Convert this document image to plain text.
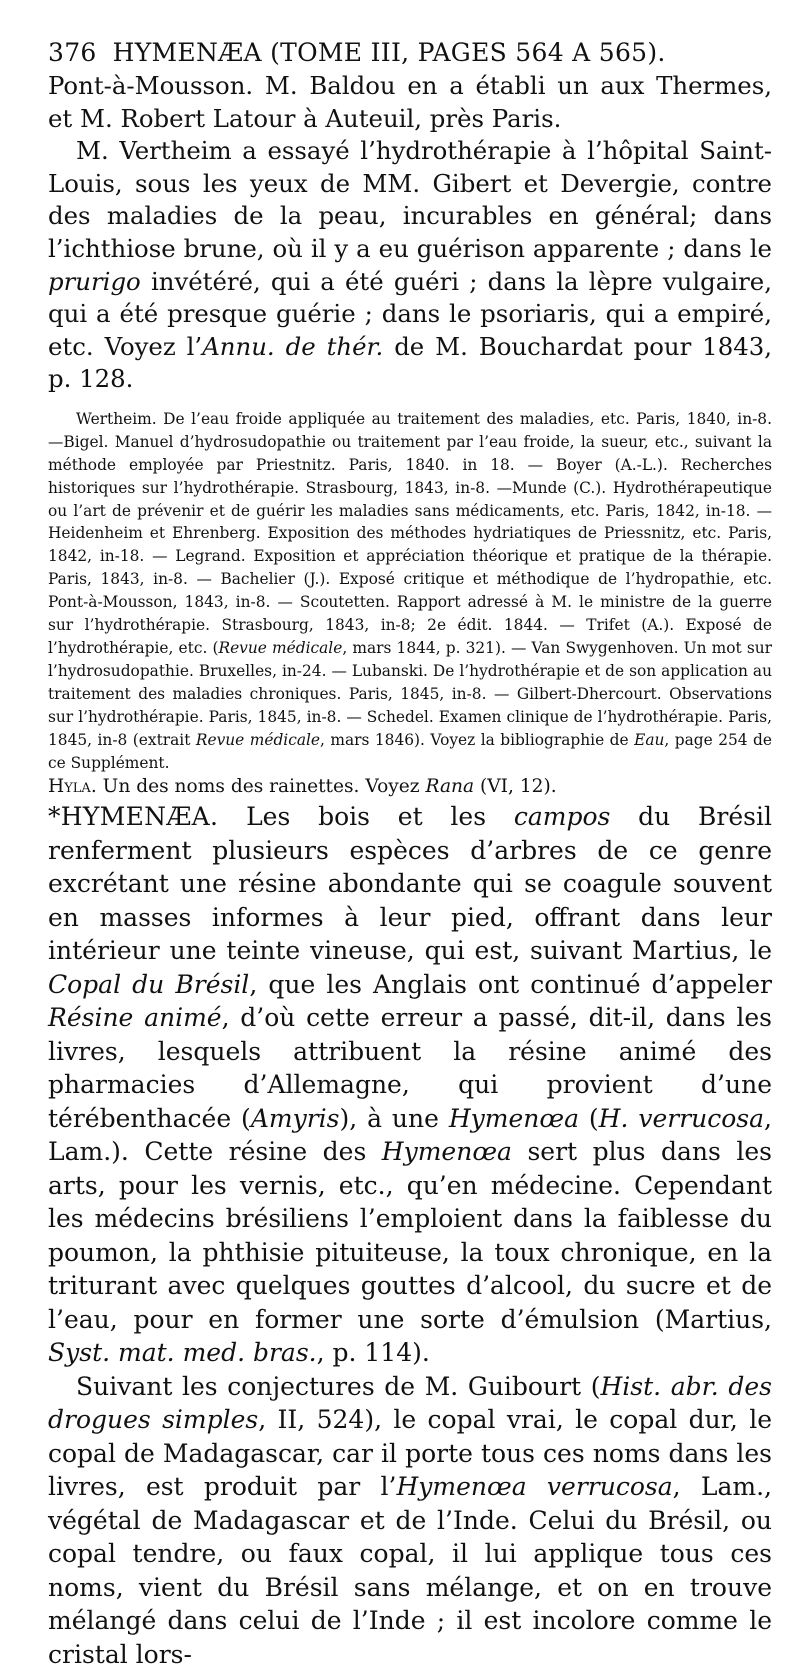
376 HYMENÆA (TOME III, PAGES 564 A 565).

Pont-à-Mousson. M. Baldou en a établi un aux Thermes, et M. Robert Latour à Auteuil, près Paris.

M. Vertheim a essayé l’hydrothérapie à l’hôpital Saint-Louis, sous les yeux de MM. Gibert et Devergie, contre des maladies de la peau, incurables en général; dans l’ichthiose brune, où il y a eu guérison apparente ; dans le prurigo invétéré, qui a été guéri ; dans la lèpre vulgaire, qui a été presque guérie ; dans le psoriaris, qui a empiré, etc. Voyez l’Annu. de thér. de M. Bouchardat pour 1843, p. 128.

Wertheim. De l’eau froide appliquée au traitement des maladies, etc. Paris, 1840, in-8. —Bigel. Manuel d’hydrosudopathie ou traitement par l’eau froide, la sueur, etc., suivant la méthode employée par Priestnitz. Paris, 1840. in 18. — Boyer (A.-L.). Recherches historiques sur l’hydrothérapie. Strasbourg, 1843, in-8. —Munde (C.). Hydrothérapeutique ou l’art de prévenir et de guérir les maladies sans médicaments, etc. Paris, 1842, in-18. — Heidenheim et Ehrenberg. Exposition des méthodes hydriatiques de Priessnitz, etc. Paris, 1842, in-18. — Legrand. Exposition et appréciation théorique et pratique de la thérapie. Paris, 1843, in-8. — Bachelier (J.). Exposé critique et méthodique de l’hydropathie, etc. Pont-à-Mousson, 1843, in-8. — Scoutetten. Rapport adressé à M. le ministre de la guerre sur l’hydrothérapie. Strasbourg, 1843, in-8; 2e édit. 1844. — Trifet (A.). Exposé de l’hydrothérapie, etc. (Revue médicale, mars 1844, p. 321). — Van Swygenhoven. Un mot sur l’hydrosudopathie. Bruxelles, in-24. — Lubanski. De l’hydrothérapie et de son application au traitement des maladies chroniques. Paris, 1845, in-8. — Gilbert-Dhercourt. Observations sur l’hydrothérapie. Paris, 1845, in-8. — Schedel. Examen clinique de l’hydrothérapie. Paris, 1845, in-8 (extrait Revue médicale, mars 1846). Voyez la bibliographie de Eau, page 254 de ce Supplément.

Hyla. Un des noms des rainettes. Voyez Rana (VI, 12).

*HYMENÆA. Les bois et les campos du Brésil renferment plusieurs espèces d’arbres de ce genre excrétant une résine abondante qui se coagule souvent en masses informes à leur pied, offrant dans leur intérieur une teinte vineuse, qui est, suivant Martius, le Copal du Brésil, que les Anglais ont continué d’appeler Résine animé, d’où cette erreur a passé, dit-il, dans les livres, lesquels attribuent la résine animé des pharmacies d’Allemagne, qui provient d’une térébenthacée (Amyris), à une Hymenœa (H. verrucosa, Lam.). Cette résine des Hymenœa sert plus dans les arts, pour les vernis, etc., qu’en médecine. Cependant les médecins brésiliens l’emploient dans la faiblesse du poumon, la phthisie pituiteuse, la toux chronique, en la triturant avec quelques gouttes d’alcool, du sucre et de l’eau, pour en former une sorte d’émulsion (Martius, Syst. mat. med. bras., p. 114).

Suivant les conjectures de M. Guibourt (Hist. abr. des drogues simples, II, 524), le copal vrai, le copal dur, le copal de Madagascar, car il porte tous ces noms dans les livres, est produit par l’Hymenœa verrucosa, Lam., végétal de Madagascar et de l’Inde. Celui du Brésil, ou copal tendre, ou faux copal, il lui applique tous ces noms, vient du Brésil sans mélange, et on en trouve mélangé dans celui de l’Inde ; il est incolore comme le cristal lors-
